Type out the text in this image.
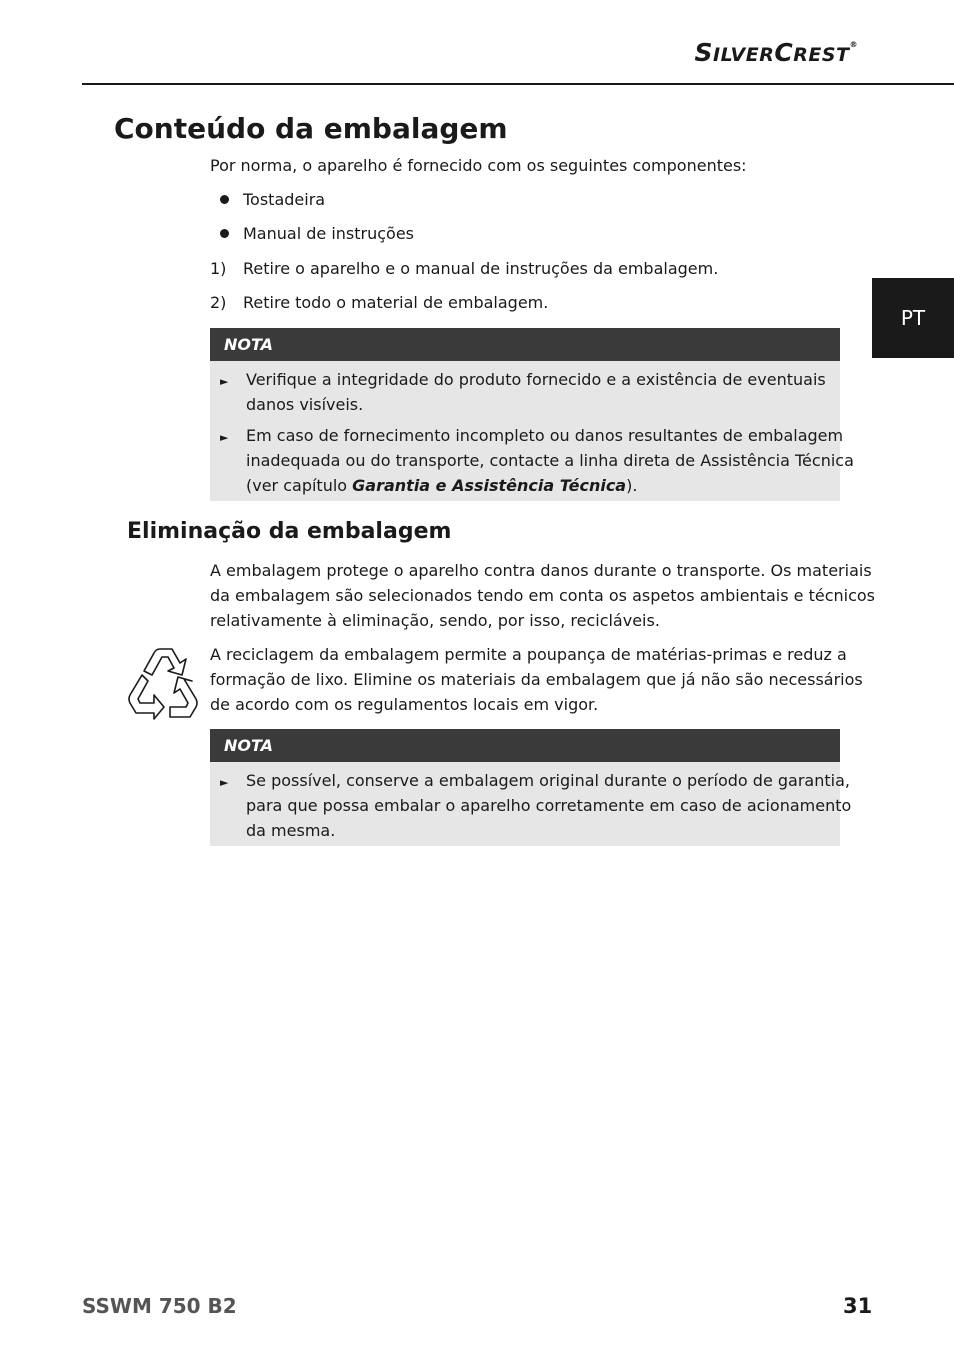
SILVERCREST®
PT
Conteúdo da embalagem
Por norma, o aparelho é fornecido com os seguintes componentes:
Tostadeira
Manual de instruções
1) Retire o aparelho e o manual de instruções da embalagem.
2) Retire todo o material de embalagem.
NOTA
► Verifique a integridade do produto fornecido e a existência de eventuais
danos visíveis.
► Em caso de fornecimento incompleto ou danos resultantes de embalagem
inadequada ou do transporte, contacte a linha direta de Assistência Técnica
(ver capítulo Garantia e Assistência Técnica).
Eliminação da embalagem
A embalagem protege o aparelho contra danos durante o transporte. Os materiais
da embalagem são selecionados tendo em conta os aspetos ambientais e técnicos
relativamente à eliminação, sendo, por isso, recicláveis.
A reciclagem da embalagem permite a poupança de matérias-primas e reduz a
formação de lixo. Elimine os materiais da embalagem que já não são necessários
de acordo com os regulamentos locais em vigor.
NOTA
► Se possível, conserve a embalagem original durante o período de garantia,
para que possa embalar o aparelho corretamente em caso de acionamento
da mesma.
SSWM 750 B2	31
